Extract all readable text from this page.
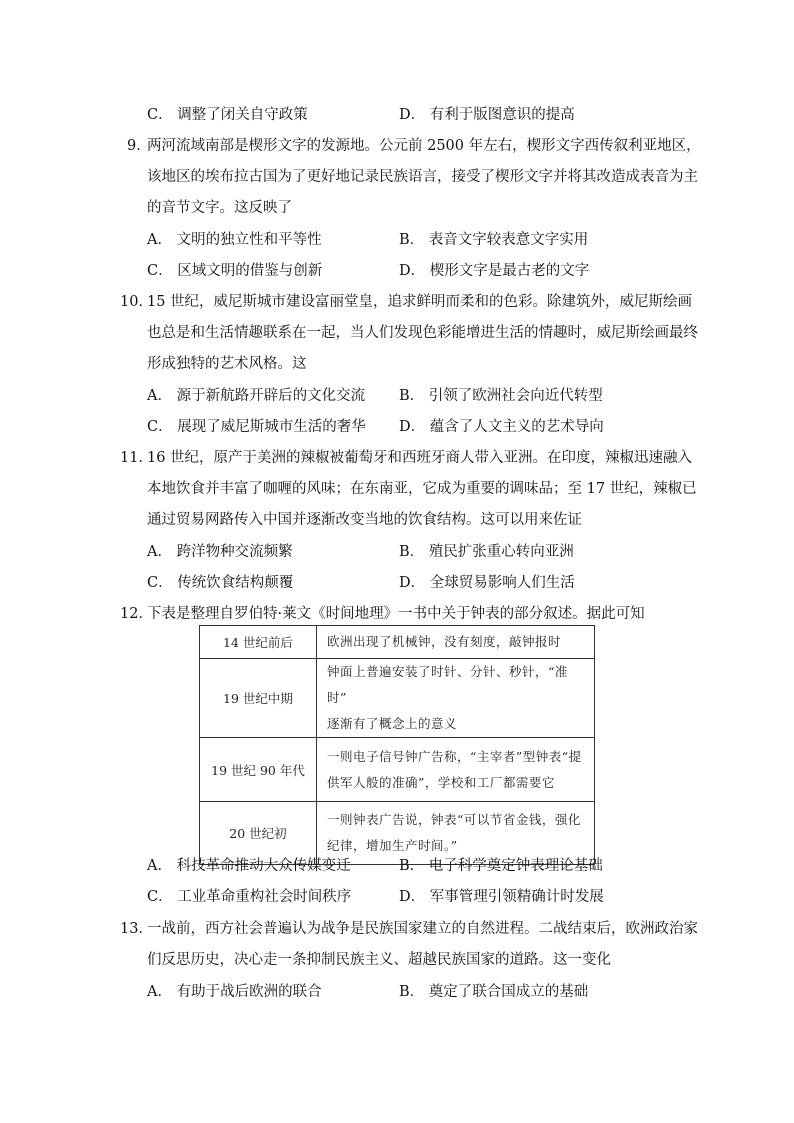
C． 调整了闭关自守政策	D． 有利于版图意识的提高
9．
两河流域南部是楔形文字的发源地。公元前 2500 年左右，楔形文字西传叙利亚地区，
该地区的埃布拉古国为了更好地记录民族语言，接受了楔形文字并将其改造成表音为主
的音节文字。这反映了
A． 文明的独立性和平等性	B． 表音文字较表意文字实用
C． 区域文明的借鉴与创新	D． 楔形文字是最古老的文字
10．
15 世纪，威尼斯城市建设富丽堂皇，追求鲜明而柔和的色彩。除建筑外，威尼斯绘画
也总是和生活情趣联系在一起，当人们发现色彩能增进生活的情趣时，威尼斯绘画最终
形成独特的艺术风格。这
A． 源于新航路开辟后的文化交流 B． 引领了欧洲社会向近代转型
C． 展现了威尼斯城市生活的奢华 D． 蕴含了人文主义的艺术导向
11．
16 世纪，原产于美洲的辣椒被葡萄牙和西班牙商人带入亚洲。在印度，辣椒迅速融入
本地饮食并丰富了咖喱的风味；在东南亚，它成为重要的调味品；至 17 世纪，辣椒已
通过贸易网路传入中国并逐渐改变当地的饮食结构。这可以用来佐证
A． 跨洋物种交流频繁	B． 殖民扩张重心转向亚洲
C． 传统饮食结构颠覆	D． 全球贸易影响人们生活
12．
下表是整理自罗伯特·莱文《时间地理》一书中关于钟表的部分叙述。据此可知
14 世纪前后	欧洲出现了机械钟，没有刻度，敲钟报时

19 世纪中期	钟面上普遍安装了时针、分针、秒针，“准时”
逐渐有了概念上的意义

19 世纪 90 年代	一则电子信号钟广告称，“主宰者”型钟表“提
供军人般的准确”，学校和工厂都需要它

20 世纪初	一则钟表广告说，钟表“可以节省金钱，强化
纪律，增加生产时间。”
A． 科技革命推动大众传媒变迁	B． 电子科学奠定钟表理论基础
C． 工业革命重构社会时间秩序	D． 军事管理引领精确计时发展
13．
一战前，西方社会普遍认为战争是民族国家建立的自然进程。二战结束后，欧洲政治家
们反思历史，决心走一条抑制民族主义、超越民族国家的道路。这一变化
A． 有助于战后欧洲的联合	B． 奠定了联合国成立的基础
